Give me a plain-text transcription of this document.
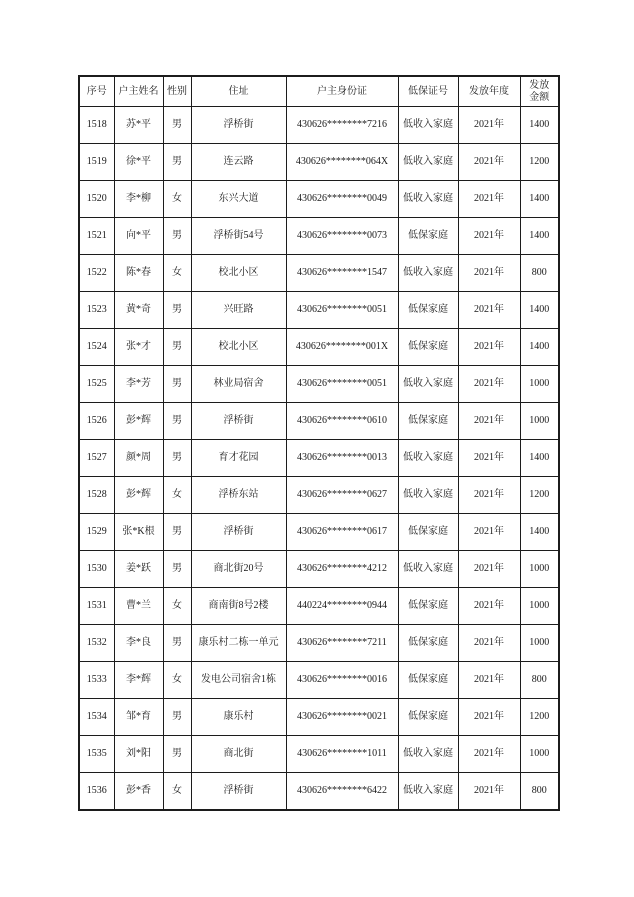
序号	户主姓名	性别	住址	户主身份证	低保证号	发放年度	发放
金额

1518	苏*平	男	浮桥街	430626********7216	低收入家庭	2021年	1400
1519	徐*平	男	连云路	430626********064X	低收入家庭	2021年	1200
1520	李*柳	女	东兴大道	430626********0049	低收入家庭	2021年	1400
1521	向*平	男	浮桥街54号	430626********0073	低保家庭	2021年	1400
1522	陈*春	女	校北小区	430626********1547	低收入家庭	2021年	800
1523	黄*奇	男	兴旺路	430626********0051	低保家庭	2021年	1400
1524	张*才	男	校北小区	430626********001X	低保家庭	2021年	1400
1525	李*芳	男	林业局宿舍	430626********0051	低收入家庭	2021年	1000
1526	彭*辉	男	浮桥街	430626********0610	低保家庭	2021年	1000
1527	颜*周	男	育才花园	430626********0013	低收入家庭	2021年	1400
1528	彭*辉	女	浮桥东站	430626********0627	低收入家庭	2021年	1200
1529	张*K根	男	浮桥街	430626********0617	低保家庭	2021年	1400
1530	姜*跃	男	商北街20号	430626********4212	低收入家庭	2021年	1000
1531	曹*兰	女	商南街8号2楼	440224********0944	低保家庭	2021年	1000
1532	李*良	男	康乐村二栋一单元	430626********7211	低保家庭	2021年	1000
1533	李*辉	女	发电公司宿舍1栋	430626********0016	低保家庭	2021年	800
1534	邹*育	男	康乐村	430626********0021	低保家庭	2021年	1200
1535	刘*阳	男	商北街	430626********1011	低收入家庭	2021年	1000
1536	彭*香	女	浮桥街	430626********6422	低收入家庭	2021年	800
